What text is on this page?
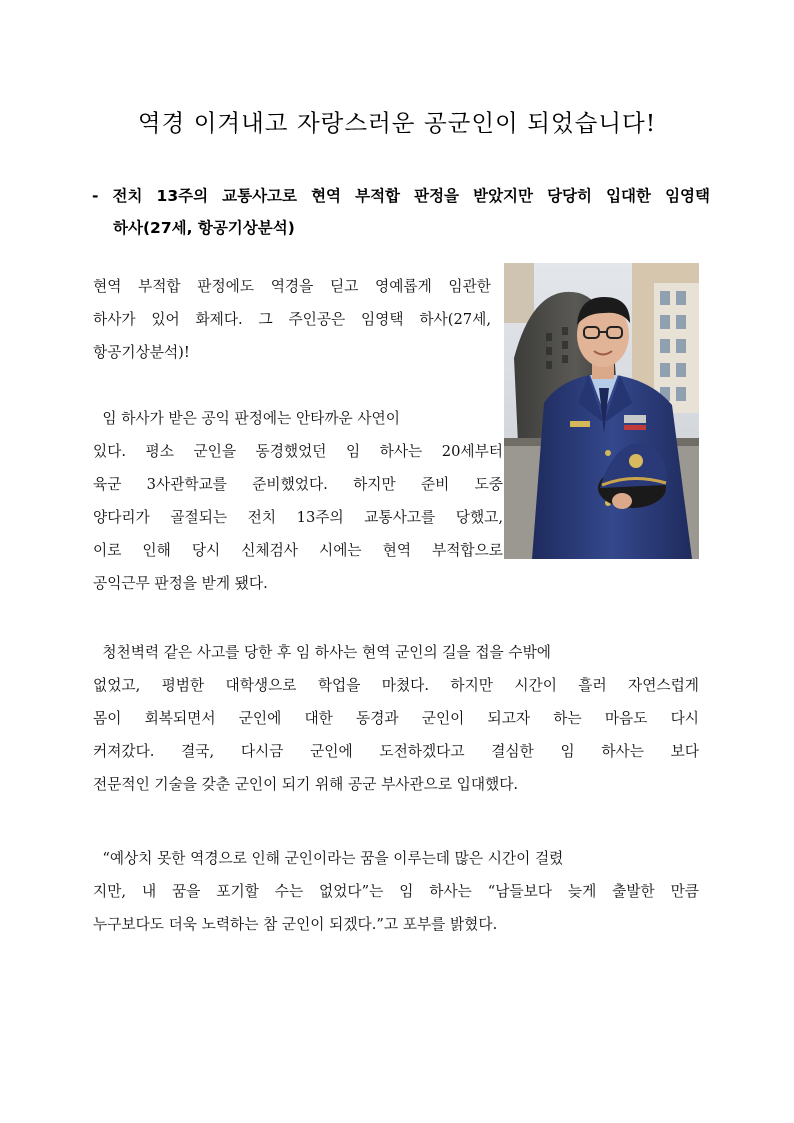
역경 이겨내고 자랑스러운 공군인이 되었습니다!
- 전치 13주의 교통사고로 현역 부적합 판정을 받았지만 당당히 입대한 임영택
하사(27세, 항공기상분석)
현역 부적합 판정에도 역경을 딛고 영예롭게 임관한
하사가 있어 화제다. 그 주인공은 임영택 하사(27세,
항공기상분석)!
임 하사가 받은 공익 판정에는 안타까운 사연이
있다. 평소 군인을 동경했었던 임 하사는 20세부터
육군 3사관학교를 준비했었다. 하지만 준비 도중
양다리가 골절되는 전치 13주의 교통사고를 당했고,
이로 인해 당시 신체검사 시에는 현역 부적합으로
공익근무 판정을 받게 됐다.
청천벽력 같은 사고를 당한 후 임 하사는 현역 군인의 길을 접을 수밖에
없었고, 평범한 대학생으로 학업을 마쳤다. 하지만 시간이 흘러 자연스럽게
몸이 회복되면서 군인에 대한 동경과 군인이 되고자 하는 마음도 다시
커져갔다. 결국, 다시금 군인에 도전하겠다고 결심한 임 하사는 보다
전문적인 기술을 갖춘 군인이 되기 위해 공군 부사관으로 입대했다.
“예상치 못한 역경으로 인해 군인이라는 꿈을 이루는데 많은 시간이 걸렸
지만, 내 꿈을 포기할 수는 없었다”는 임 하사는 “남들보다 늦게 출발한 만큼
누구보다도 더욱 노력하는 참 군인이 되겠다.”고 포부를 밝혔다.
